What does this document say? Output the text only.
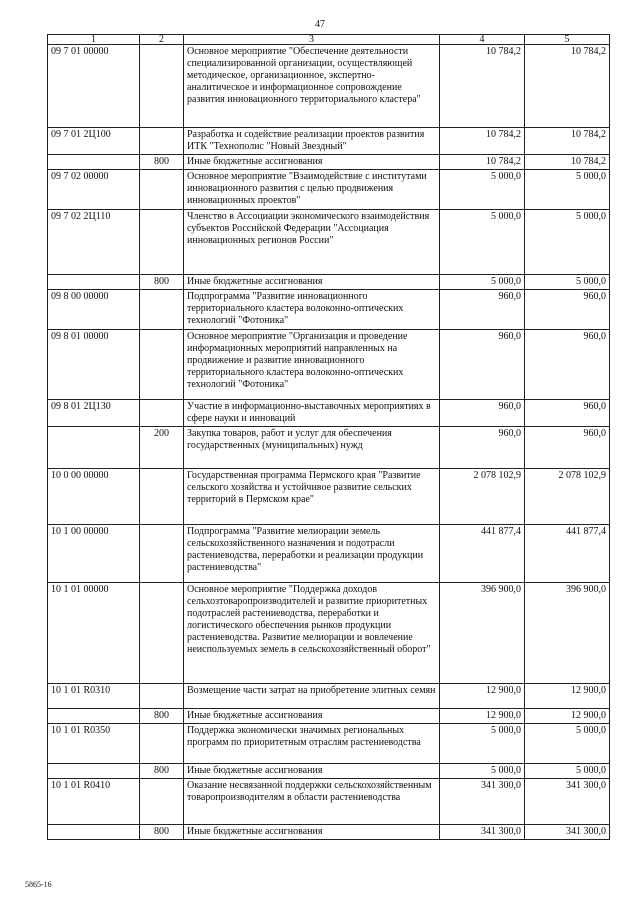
47
1	2	3	4	5
09 7 01 00000		Основное мероприятие "Обеспечение деятельности специализированной организации, осуществляющей методическое, организационное, экспертно-аналитическое и информационное сопровождение развития инновационного территориального кластера"	10 784,2	10 784,2
09 7 01 2Ц100		Разработка и содействие реализации проектов развития ИТК "Технополис "Новый Звездный"	10 784,2	10 784,2
	800	Иные бюджетные ассигнования	10 784,2	10 784,2
09 7 02 00000		Основное мероприятие "Взаимодействие с институтами инновационного развития с целью продвижения инновационных проектов"	5 000,0	5 000,0
09 7 02 2Ц110		Членство в Ассоциации экономического взаимодействия субъектов Российской Федерации "Ассоциация инновационных регионов России"	5 000,0	5 000,0
	800	Иные бюджетные ассигнования	5 000,0	5 000,0
09 8 00 00000		Подпрограмма "Развитие инновационного территориального кластера волоконно-оптических технологий "Фотоника"	960,0	960,0
09 8 01 00000		Основное мероприятие "Организация и проведение информационных мероприятий направленных на продвижение и развитие инновационного территориального кластера волоконно-оптических технологий "Фотоника"	960,0	960,0
09 8 01 2Ц130		Участие в информационно-выставочных мероприятиях в сфере науки и инноваций	960,0	960,0
	200	Закупка товаров, работ и услуг для обеспечения государственных (муниципальных) нужд	960,0	960,0
10 0 00 00000		Государственная программа Пермского края "Развитие сельского хозяйства и устойчивое развитие сельских территорий в Пермском крае"	2 078 102,9	2 078 102,9
10 1 00 00000		Подпрограмма "Развитие мелиорации земель сельскохозяйственного назначения и подотрасли растениеводства, переработки и реализации продукции растениеводства"	441 877,4	441 877,4
10 1 01 00000		Основное мероприятие "Поддержка доходов сельхозтоваропроизводителей и развитие приоритетных подотраслей растениеводства, переработки и логистического обеспечения рынков продукции растениеводства. Развитие мелиорации и вовлечение неиспользуемых земель в сельскохозяйственный оборот"	396 900,0	396 900,0
10 1 01 R0310		Возмещение части затрат на приобретение элитных семян	12 900,0	12 900,0
	800	Иные бюджетные ассигнования	12 900,0	12 900,0
10 1 01 R0350		Поддержка экономически значимых региональных программ по приоритетным отраслям растениеводства	5 000,0	5 000,0
	800	Иные бюджетные ассигнования	5 000,0	5 000,0
10 1 01 R0410		Оказание несвязанной поддержки сельскохозяйственным товаропроизводителям в области растениеводства	341 300,0	341 300,0
	800	Иные бюджетные ассигнования	341 300,0	341 300,0
5865-16
